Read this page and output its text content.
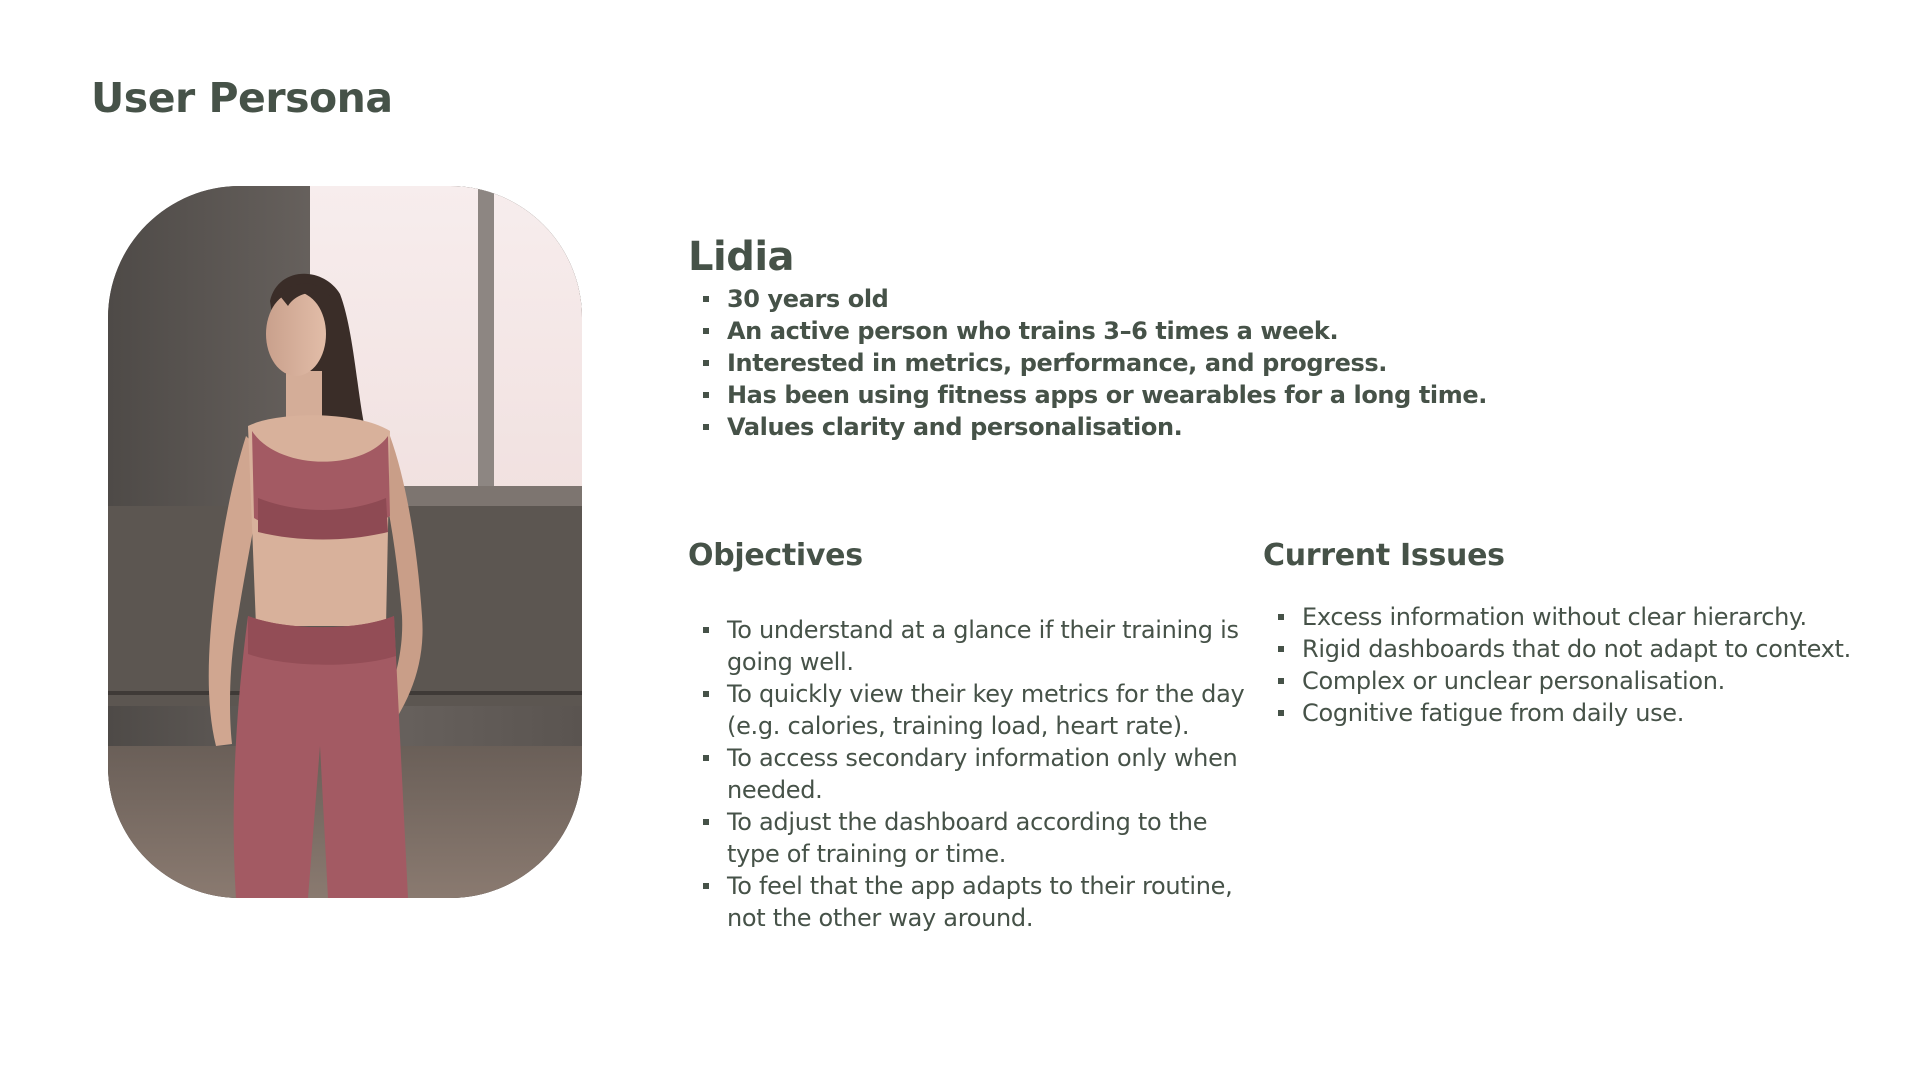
User Persona
Lidia
30 years old
An active person who trains 3–6 times a week.
Interested in metrics, performance, and progress.
Has been using fitness apps or wearables for a long time.
Values clarity and personalisation.
Objectives
To understand at a glance if their training is going well.
To quickly view their key metrics for the day (e.g. calories, training load, heart rate).
To access secondary information only when needed.
To adjust the dashboard according to the type of training or time.
To feel that the app adapts to their routine, not the other way around.
Current Issues
Excess information without clear hierarchy.
Rigid dashboards that do not adapt to context.
Complex or unclear personalisation.
Cognitive fatigue from daily use.
